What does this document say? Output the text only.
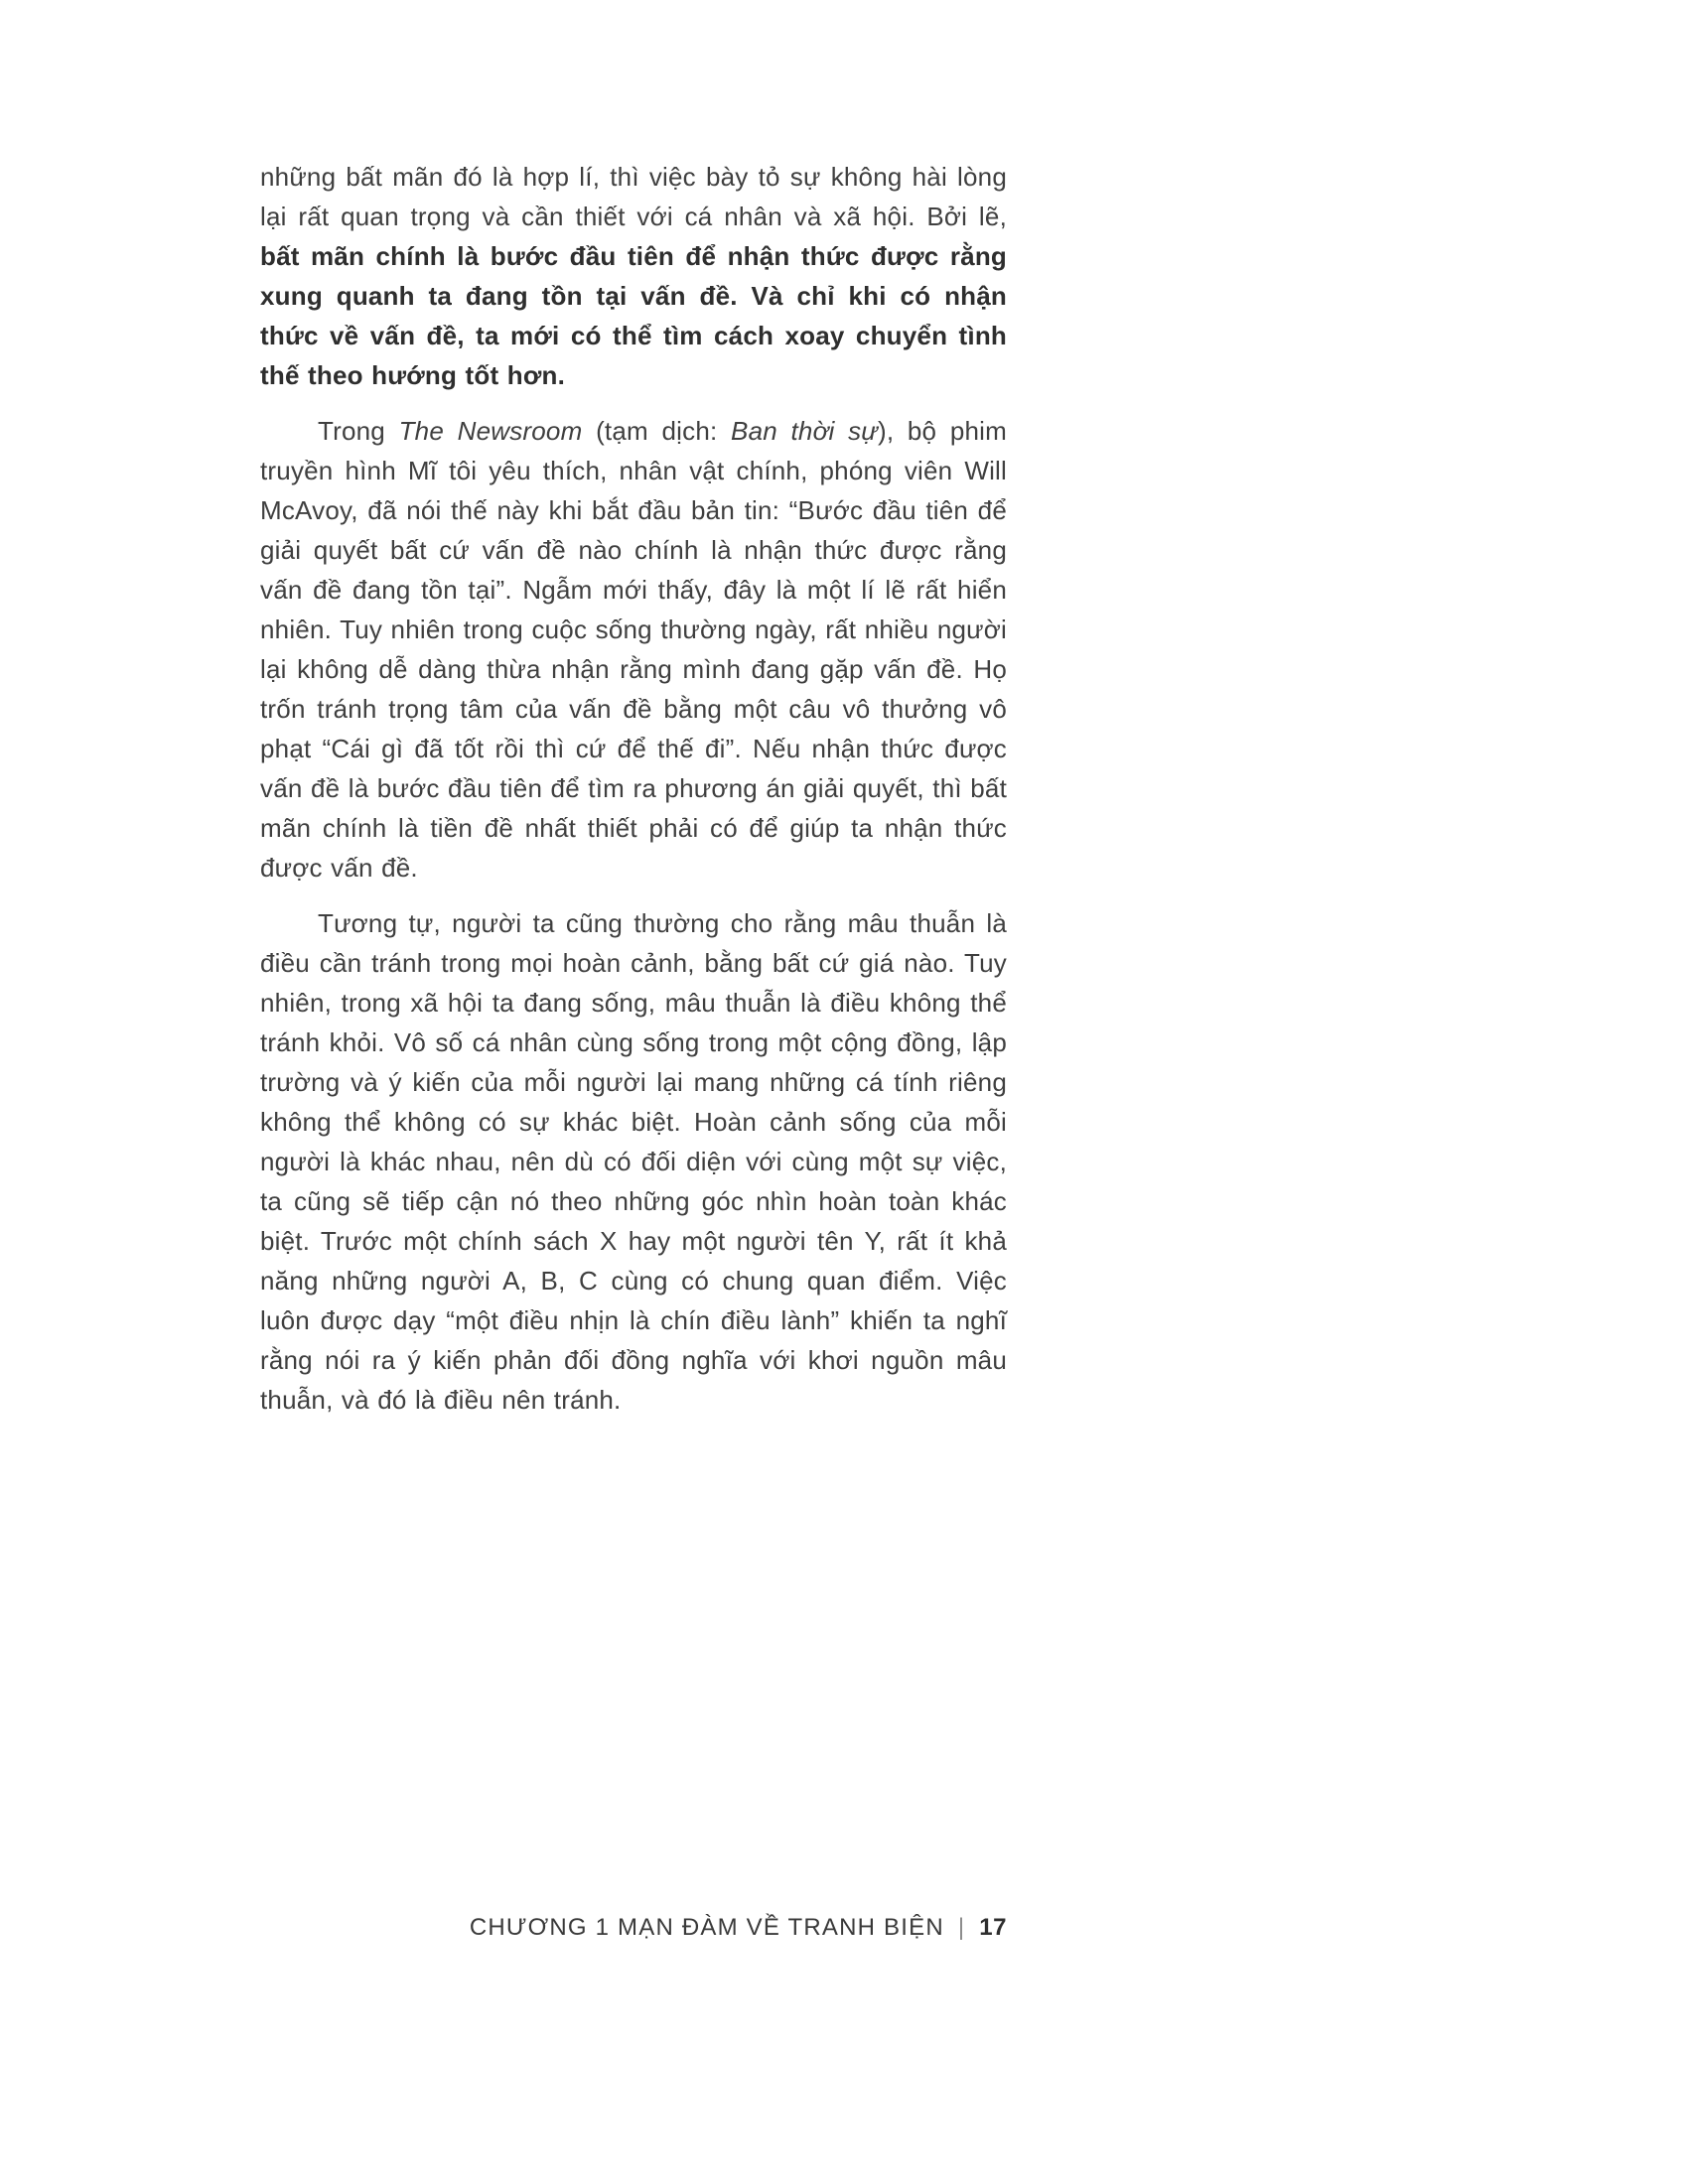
những bất mãn đó là hợp lí, thì việc bày tỏ sự không hài lòng lại rất quan trọng và cần thiết với cá nhân và xã hội. Bởi lẽ, bất mãn chính là bước đầu tiên để nhận thức được rằng xung quanh ta đang tồn tại vấn đề. Và chỉ khi có nhận thức về vấn đề, ta mới có thể tìm cách xoay chuyển tình thế theo hướng tốt hơn.

Trong The Newsroom (tạm dịch: Ban thời sự), bộ phim truyền hình Mĩ tôi yêu thích, nhân vật chính, phóng viên Will McAvoy, đã nói thế này khi bắt đầu bản tin: “Bước đầu tiên để giải quyết bất cứ vấn đề nào chính là nhận thức được rằng vấn đề đang tồn tại”. Ngẫm mới thấy, đây là một lí lẽ rất hiển nhiên. Tuy nhiên trong cuộc sống thường ngày, rất nhiều người lại không dễ dàng thừa nhận rằng mình đang gặp vấn đề. Họ trốn tránh trọng tâm của vấn đề bằng một câu vô thưởng vô phạt “Cái gì đã tốt rồi thì cứ để thế đi”. Nếu nhận thức được vấn đề là bước đầu tiên để tìm ra phương án giải quyết, thì bất mãn chính là tiền đề nhất thiết phải có để giúp ta nhận thức được vấn đề.

Tương tự, người ta cũng thường cho rằng mâu thuẫn là điều cần tránh trong mọi hoàn cảnh, bằng bất cứ giá nào. Tuy nhiên, trong xã hội ta đang sống, mâu thuẫn là điều không thể tránh khỏi. Vô số cá nhân cùng sống trong một cộng đồng, lập trường và ý kiến của mỗi người lại mang những cá tính riêng không thể không có sự khác biệt. Hoàn cảnh sống của mỗi người là khác nhau, nên dù có đối diện với cùng một sự việc, ta cũng sẽ tiếp cận nó theo những góc nhìn hoàn toàn khác biệt. Trước một chính sách X hay một người tên Y, rất ít khả năng những người A, B, C cùng có chung quan điểm. Việc luôn được dạy “một điều nhịn là chín điều lành” khiến ta nghĩ rằng nói ra ý kiến phản đối đồng nghĩa với khơi nguồn mâu thuẫn, và đó là điều nên tránh.

CHƯƠNG 1 MẠN ĐÀM VỀ TRANH BIỆN | 17
